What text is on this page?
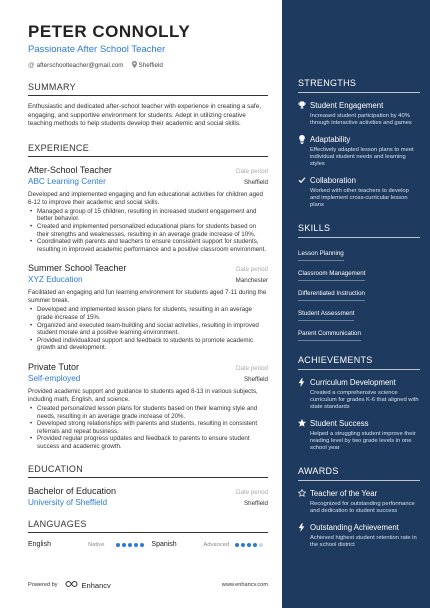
PETER CONNOLLY
Passionate After School Teacher
@ afterschoolteacher@gmail.com Sheffield
SUMMARY
Enthusiastic and dedicated after-school teacher with experience in creating a safe, engaging, and supportive environment for students. Adept in utilizing creative teaching methods to help students develop their academic and social skills.
EXPERIENCE
After-School Teacher	Date period
ABC Learning Center	Sheffield
Developed and implemented engaging and fun educational activities for children aged 6-12 to improve their academic and social skills.
• Managed a group of 15 children, resulting in increased student engagement and better behavior.
• Created and implemented personalized educational plans for students based on their strengths and weaknesses, resulting in an average grade increase of 10%.
• Coordinated with parents and teachers to ensure consistent support for students, resulting in improved academic performance and a positive classroom environment.
Summer School Teacher	Date period
XYZ Education	Manchester
Facilitated an engaging and fun learning environment for students aged 7-11 during the summer break.
• Developed and implemented lesson plans for students, resulting in an average grade increase of 15%.
• Organized and executed team-building and social activities, resulting in improved student morale and a positive learning environment.
• Provided individualized support and feedback to students to promote academic growth and development.
Private Tutor	Date period
Self-employed	Sheffield
Provided academic support and guidance to students aged 8-13 in various subjects, including math, English, and science.
• Created personalized lesson plans for students based on their learning style and needs, resulting in an average grade increase of 20%.
• Developed strong relationships with parents and students, resulting in consistent referrals and repeat business.
• Provided regular progress updates and feedback to parents to ensure student success and academic growth.
EDUCATION
Bachelor of Education	Date period
University of Sheffield	Sheffield
LANGUAGES
English	Native	Spanish	Advanced
Powered by	Enhancv	www.enhancv.com
STRENGTHS
Student Engagement
Increased student participation by 40% through interactive activities and games
Adaptability
Effectively adapted lesson plans to meet individual student needs and learning styles
Collaboration
Worked with other teachers to develop and implement cross-curricular lesson plans
SKILLS
Lesson Planning
Classroom Management
Differentiated Instruction
Student Assessment
Parent Communication
ACHIEVEMENTS
Curriculum Development
Created a comprehensive science curriculum for grades K-6 that aligned with state standards
Student Success
Helped a struggling student improve their reading level by two grade levels in one school year
AWARDS
Teacher of the Year
Recognized for outstanding performance and dedication to student success
Outstanding Achievement
Achieved highest student retention rate in the school district
